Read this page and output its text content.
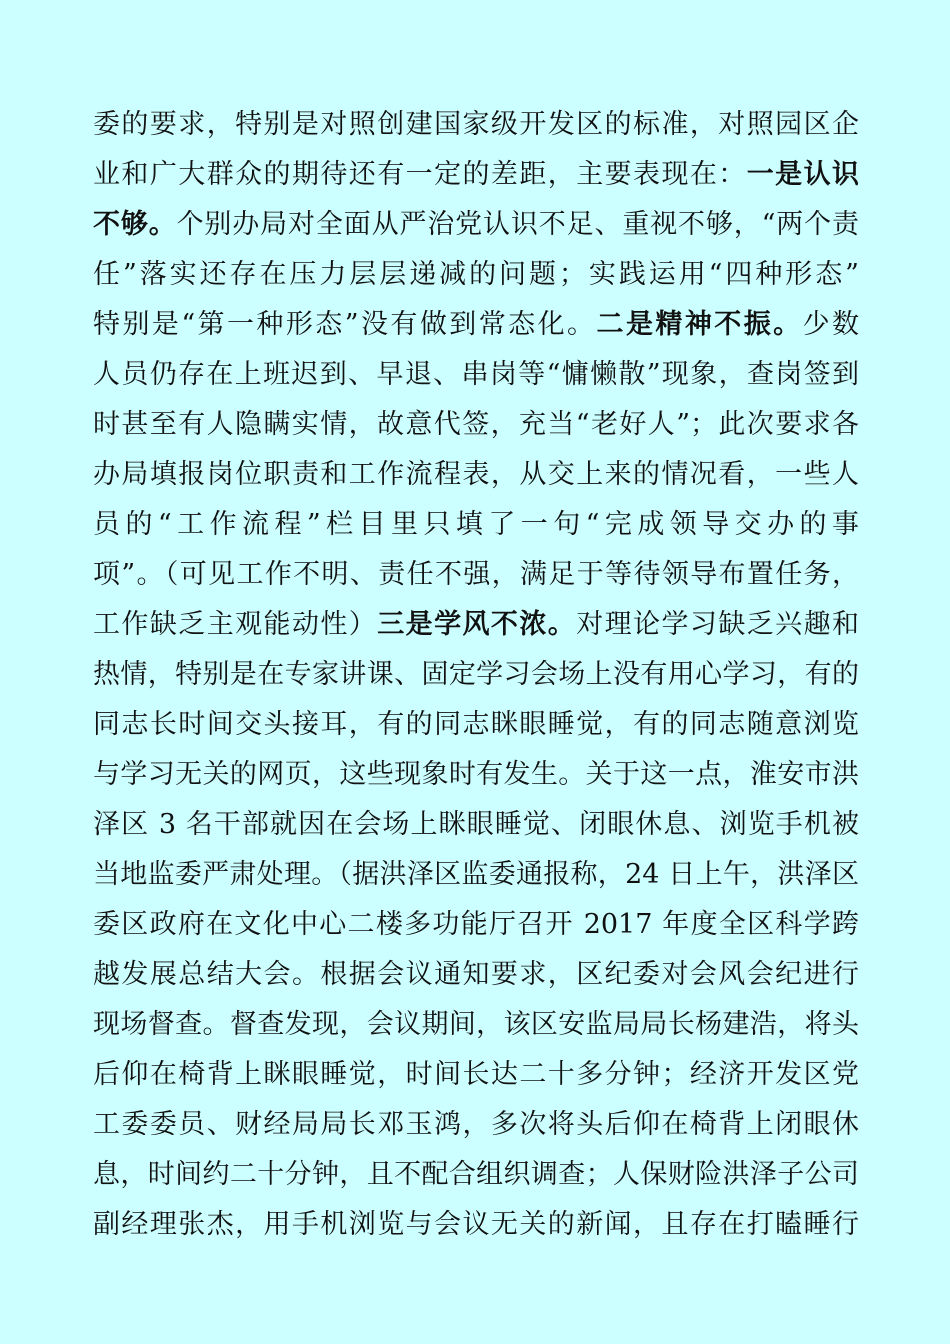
委的要求，特别是对照创建国家级开发区的标准，对照园区企
业和广大群众的期待还有一定的差距，主要表现在：一是认识
不够。个别办局对全面从严治党认识不足、重视不够，“两个责
任”落实还存在压力层层递减的问题；实践运用“四种形态”
特别是“第一种形态”没有做到常态化。二是精神不振。少数
人员仍存在上班迟到、早退、串岗等“慵懒散”现象，查岗签到
时甚至有人隐瞒实情，故意代签，充当“老好人”；此次要求各
办局填报岗位职责和工作流程表，从交上来的情况看，一些人
员的“工作流程”栏目里只填了一句“完成领导交办的事
项”。（可见工作不明、责任不强，满足于等待领导布置任务，
工作缺乏主观能动性）三是学风不浓。对理论学习缺乏兴趣和
热情，特别是在专家讲课、固定学习会场上没有用心学习，有的
同志长时间交头接耳，有的同志眯眼睡觉，有的同志随意浏览
与学习无关的网页，这些现象时有发生。关于这一点，淮安市洪
泽区 3 名干部就因在会场上眯眼睡觉、闭眼休息、浏览手机被
当地监委严肃处理。（据洪泽区监委通报称，24 日上午，洪泽区
委区政府在文化中心二楼多功能厅召开 2017 年度全区科学跨
越发展总结大会。根据会议通知要求，区纪委对会风会纪进行
现场督查。督查发现，会议期间，该区安监局局长杨建浩，将头
后仰在椅背上眯眼睡觉，时间长达二十多分钟；经济开发区党
工委委员、财经局局长邓玉鸿，多次将头后仰在椅背上闭眼休
息，时间约二十分钟，且不配合组织调查；人保财险洪泽子公司
副经理张杰，用手机浏览与会议无关的新闻，且存在打瞌睡行
